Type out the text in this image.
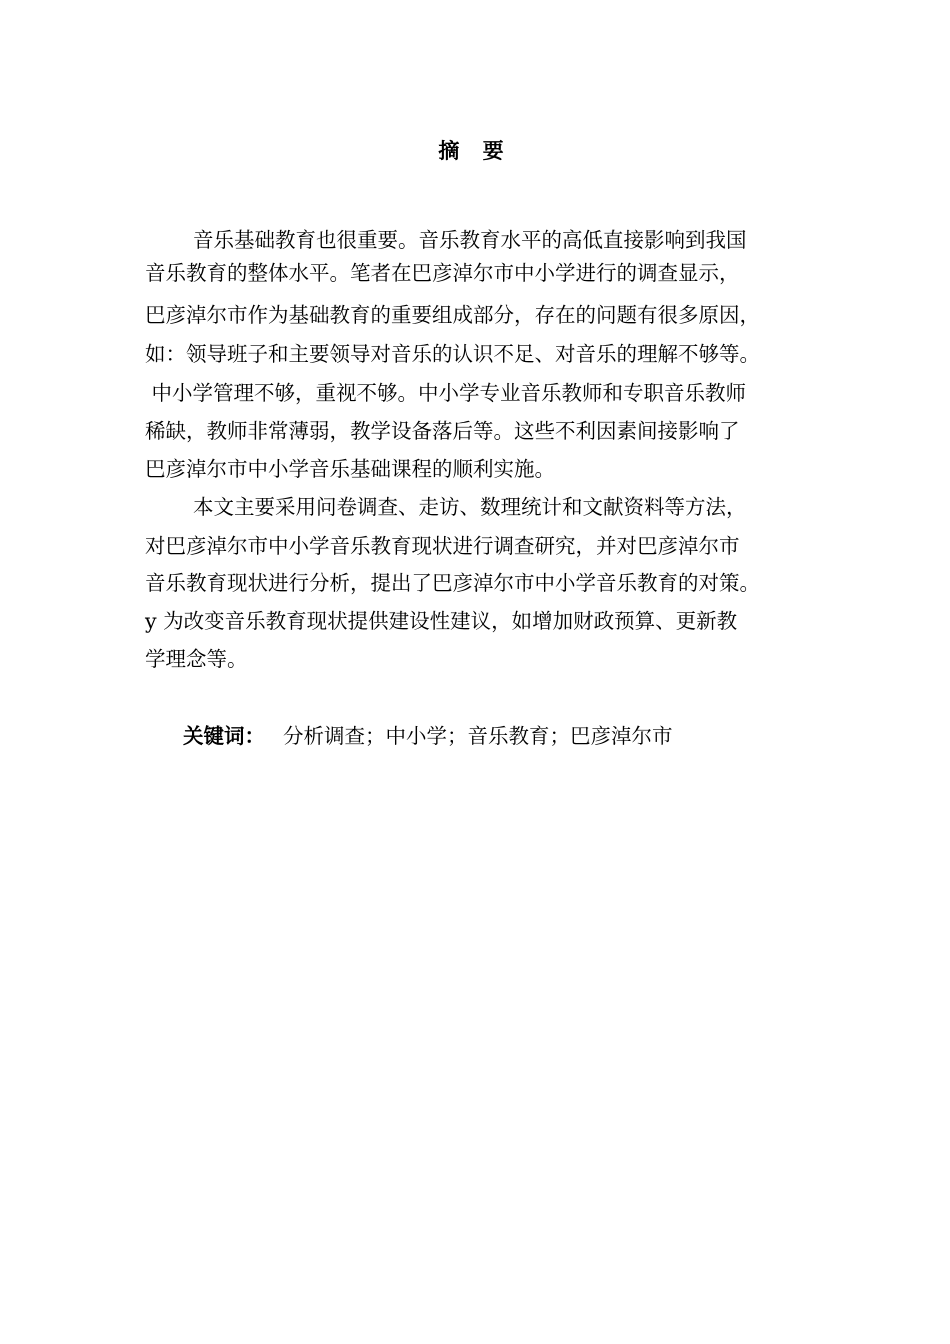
摘 要
音乐基础教育也很重要。音乐教育水平的高低直接影响到我国
音乐教育的整体水平。笔者在巴彦淖尔市中小学进行的调查显示，
巴彦淖尔市作为基础教育的重要组成部分，存在的问题有很多原因，
如：领导班子和主要领导对音乐的认识不足、对音乐的理解不够等。
中小学管理不够，重视不够。中小学专业音乐教师和专职音乐教师
稀缺，教师非常薄弱，教学设备落后等。这些不利因素间接影响了
巴彦淖尔市中小学音乐基础课程的顺利实施。
本文主要采用问卷调查、走访、数理统计和文献资料等方法，
对巴彦淖尔市中小学音乐教育现状进行调查研究，并对巴彦淖尔市
音乐教育现状进行分析，提出了巴彦淖尔市中小学音乐教育的对策。
y 为改变音乐教育现状提供建设性建议，如增加财政预算、更新教
学理念等。
关键词： 分析调查；中小学；音乐教育；巴彦淖尔市
